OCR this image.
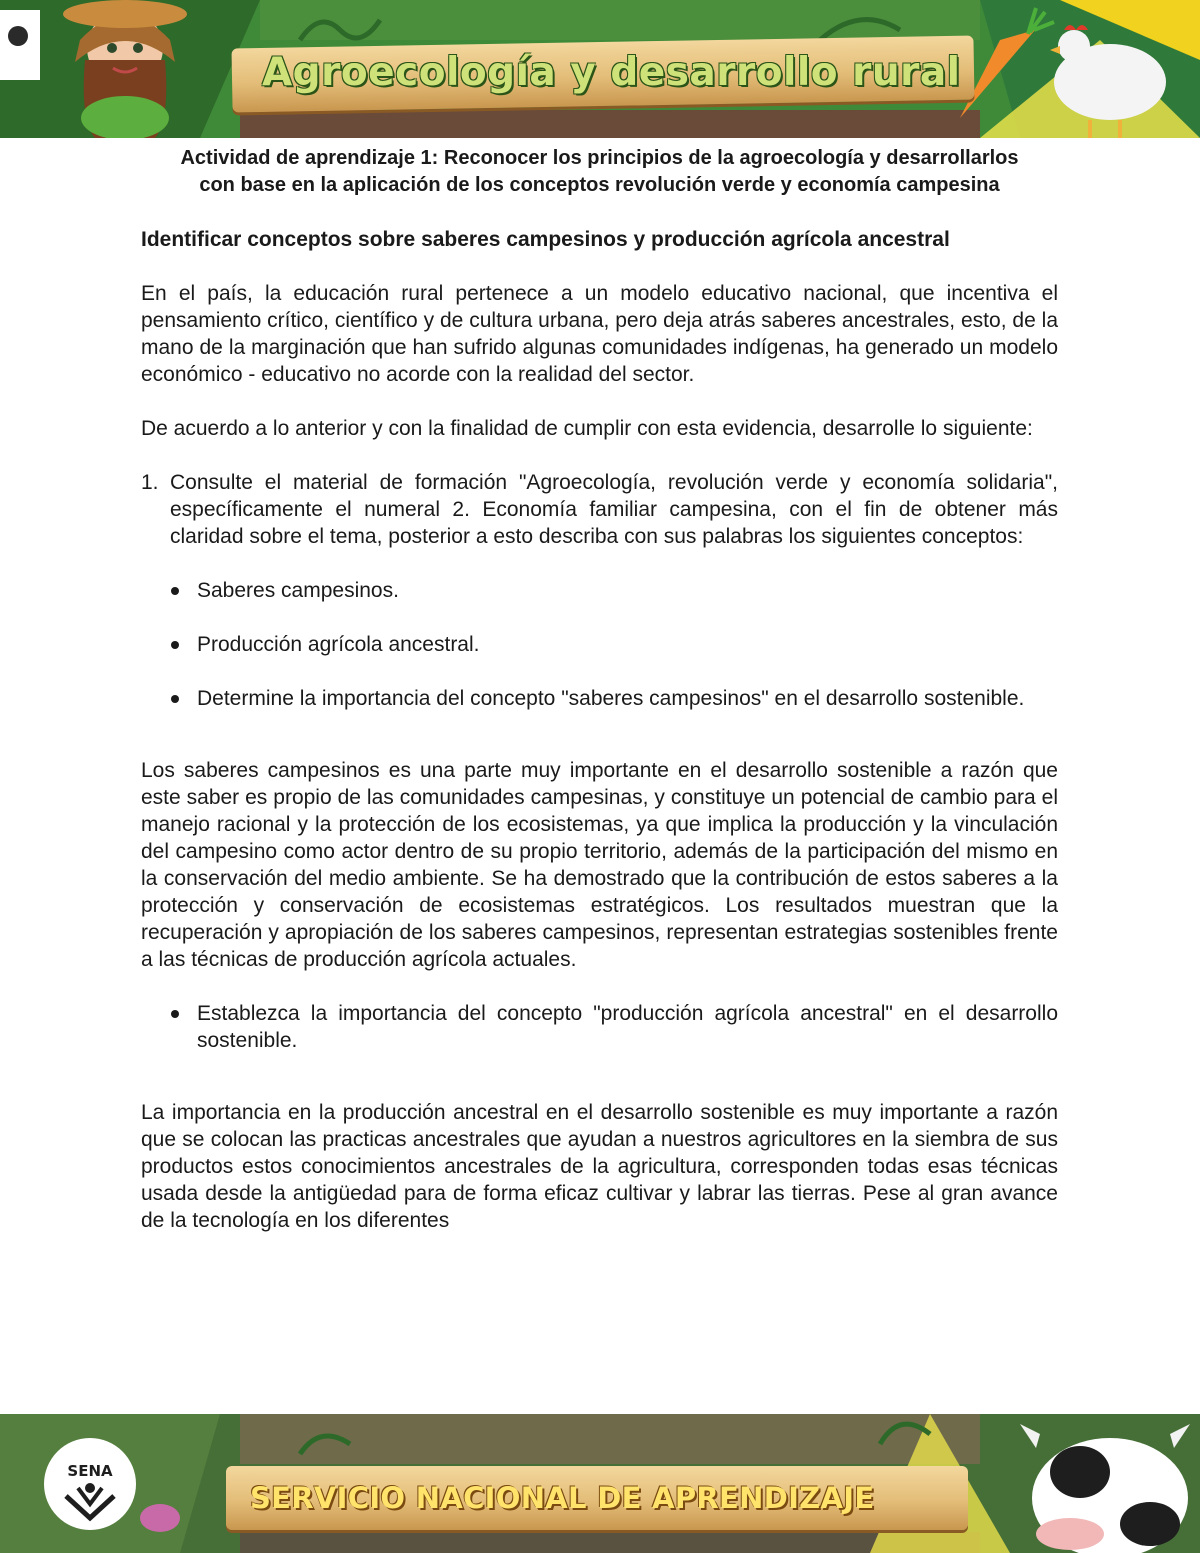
Agroecología y desarrollo rural
Actividad de aprendizaje 1: Reconocer los principios de la agroecología y desarrollarlos con base en la aplicación de los conceptos revolución verde y economía campesina
Identificar conceptos sobre saberes campesinos y producción agrícola ancestral

En el país, la educación rural pertenece a un modelo educativo nacional, que incentiva el pensamiento crítico, científico y de cultura urbana, pero deja atrás saberes ancestrales, esto, de la mano de la marginación que han sufrido algunas comunidades indígenas, ha generado un modelo económico - educativo no acorde con la realidad del sector.

De acuerdo a lo anterior y con la finalidad de cumplir con esta evidencia, desarrolle lo siguiente:

1. Consulte el material de formación "Agroecología, revolución verde y economía solidaria", específicamente el numeral 2. Economía familiar campesina, con el fin de obtener más claridad sobre el tema, posterior a esto describa con sus palabras los siguientes conceptos:
Saberes campesinos.
Producción agrícola ancestral.
Determine la importancia del concepto "saberes campesinos" en el desarrollo sostenible.

Los saberes campesinos es una parte muy importante en el desarrollo sostenible a razón que este saber es propio de las comunidades campesinas, y constituye un potencial de cambio para el manejo racional y la protección de los ecosistemas, ya que implica la producción y la vinculación del campesino como actor dentro de su propio territorio, además de la participación del mismo en la conservación del medio ambiente. Se ha demostrado que la contribución de estos saberes a la protección y conservación de ecosistemas estratégicos. Los resultados muestran que la recuperación y apropiación de los saberes campesinos, representan estrategias sostenibles frente a las técnicas de producción agrícola actuales.

Establezca la importancia del concepto "producción agrícola ancestral" en el desarrollo sostenible.

La importancia en la producción ancestral en el desarrollo sostenible es muy importante a razón que se colocan las practicas ancestrales que ayudan a nuestros agricultores en la siembra de sus productos estos conocimientos ancestrales de la agricultura, corresponden todas esas técnicas usada desde la antigüedad para de forma eficaz cultivar y labrar las tierras. Pese al gran avance de la tecnología en los diferentes

SENA
SERVICIO NACIONAL DE APRENDIZAJE
